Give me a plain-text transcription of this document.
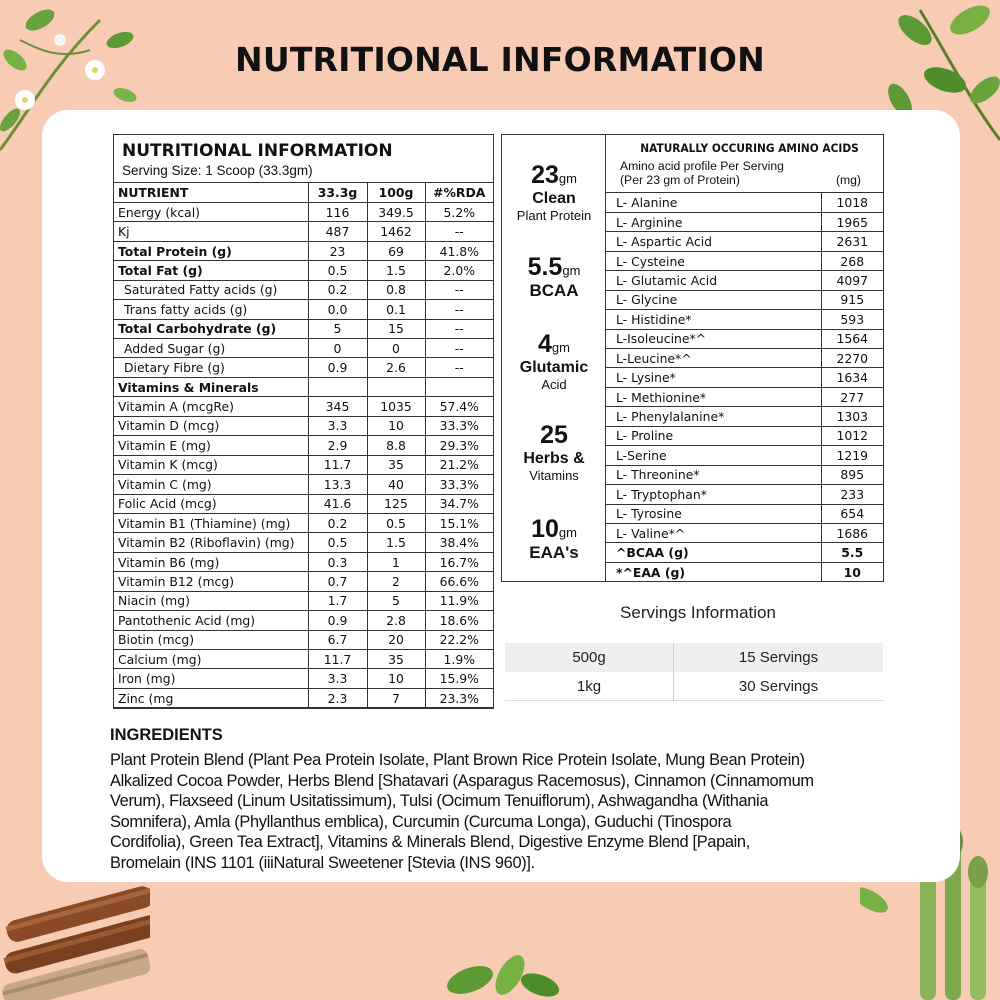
NUTRITIONAL INFORMATION
NUTRITIONAL INFORMATION
Serving Size: 1 Scoop (33.3gm)
NUTRIENT	33.3g	100g	#%RDA
Energy (kcal)	116	349.5	5.2%
Kj	487	1462	--
Total Protein (g)	23	69	41.8%
Total Fat (g)	0.5	1.5	2.0%
Saturated Fatty acids (g)	0.2	0.8	--
Trans fatty acids (g)	0.0	0.1	--
Total Carbohydrate (g)	5	15	--
Added Sugar (g)	0	0	--
Dietary Fibre (g)	0.9	2.6	--
Vitamins & Minerals			
Vitamin A (mcgRe)	345	1035	57.4%
Vitamin D (mcg)	3.3	10	33.3%
Vitamin E (mg)	2.9	8.8	29.3%
Vitamin K (mcg)	11.7	35	21.2%
Vitamin C (mg)	13.3	40	33.3%
Folic Acid (mcg)	41.6	125	34.7%
Vitamin B1 (Thiamine) (mg)	0.2	0.5	15.1%
Vitamin B2 (Riboflavin) (mg)	0.5	1.5	38.4%
Vitamin B6 (mg)	0.3	1	16.7%
Vitamin B12 (mcg)	0.7	2	66.6%
Niacin (mg)	1.7	5	11.9%
Pantothenic Acid (mg)	0.9	2.8	18.6%
Biotin (mcg)	6.7	20	22.2%
Calcium (mg)	11.7	35	1.9%
Iron (mg)	3.3	10	15.9%
Zinc (mg	2.3	7	23.3%
23gm
Clean
Plant Protein
5.5gm
BCAA
4gm
Glutamic
Acid
25
Herbs &
Vitamins
10gm
EAA's
NATURALLY OCCURING AMINO ACIDS
Amino acid profile Per Serving
(Per 23 gm of Protein)	(mg)
L- Alanine	1018
L- Arginine	1965
L- Aspartic Acid	2631
L- Cysteine	268
L- Glutamic Acid	4097
L- Glycine	915
L- Histidine*	593
L-Isoleucine*^	1564
L-Leucine*^	2270
L- Lysine*	1634
L- Methionine*	277
L- Phenylalanine*	1303
L- Proline	1012
L-Serine	1219
L- Threonine*	895
L- Tryptophan*	233
L- Tyrosine	654
L- Valine*^	1686
^BCAA (g)	5.5
*^EAA (g)	10
Servings Information
500g	15 Servings
1kg	30 Servings
INGREDIENTS
Plant Protein Blend (Plant Pea Protein Isolate, Plant Brown Rice Protein Isolate, Mung Bean Protein)
Alkalized Cocoa Powder, Herbs Blend [Shatavari (Asparagus Racemosus), Cinnamon (Cinnamomum
Verum), Flaxseed (Linum Usitatissimum), Tulsi (Ocimum Tenuiflorum), Ashwagandha (Withania
Somnifera), Amla (Phyllanthus emblica), Curcumin (Curcuma Longa), Guduchi (Tinospora
Cordifolia), Green Tea Extract], Vitamins & Minerals Blend, Digestive Enzyme Blend [Papain,
Bromelain (INS 1101 (iiiNatural Sweetener [Stevia (INS 960)].
